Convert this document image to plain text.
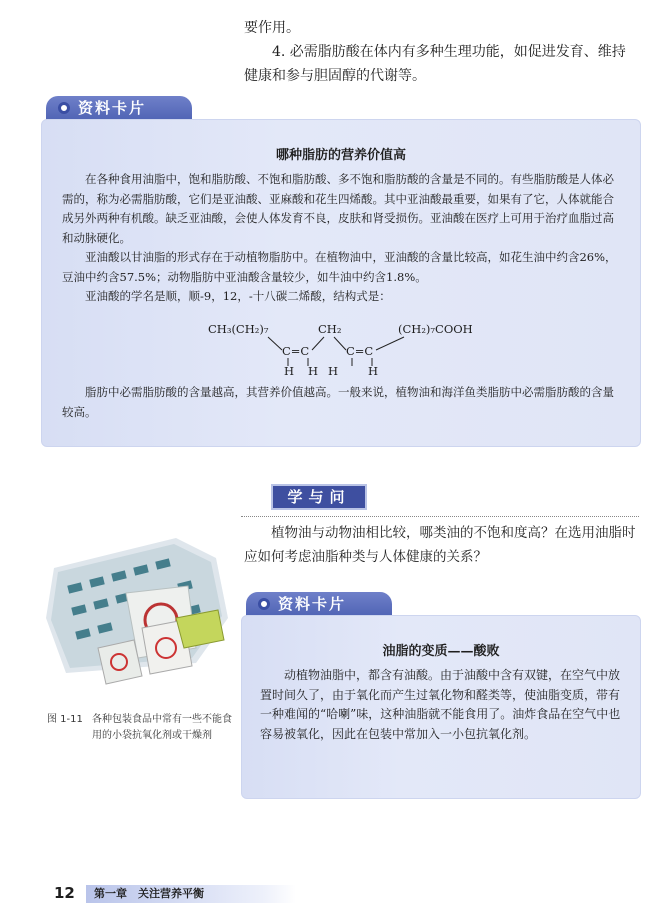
要作用。

4. 必需脂肪酸在体内有多种生理功能，如促进发育、维持健康和参与胆固醇的代谢等。

资料卡片
哪种脂肪的营养价值高

在各种食用油脂中，饱和脂肪酸、不饱和脂肪酸、多不饱和脂肪酸的含量是不同的。有些脂肪酸是人体必需的，称为必需脂肪酸，它们是亚油酸、亚麻酸和花生四烯酸。其中亚油酸最重要，如果有了它，人体就能合成另外两种有机酸。缺乏亚油酸，会使人体发育不良，皮肤和肾受损伤。亚油酸在医疗上可用于治疗血脂过高和动脉硬化。

亚油酸以甘油脂的形式存在于动植物脂肪中。在植物油中，亚油酸的含量比较高，如花生油中约含26%，豆油中约含57.5%；动物脂肪中亚油酸含量较少，如牛油中约含1.8%。

亚油酸的学名是顺，顺-9，12，-十八碳二烯酸，结构式是：

CH₃(CH₂)₇	CH₂	(CH₂)₇COOH
C=C	C=C
H HH H

脂肪中必需脂肪酸的含量越高，其营养价值越高。一般来说，植物油和海洋鱼类脂肪中必需脂肪酸的含量较高。

学与问

植物油与动物油相比较，哪类油的不饱和度高？在选用油脂时应如何考虑油脂种类与人体健康的关系？

图 1-11 各种包装食品中常有一些不能食用的小袋抗氧化剂或干燥剂
资料卡片
油脂的变质——酸败

动植物油脂中，都含有油酸。由于油酸中含有双键，在空气中放置时间久了，由于氧化而产生过氧化物和醛类等，使油脂变质，带有一种难闻的“哈喇”味，这种油脂就不能食用了。油炸食品在空气中也容易被氧化，因此在包装中常加入一小包抗氧化剂。

12	第一章　关注营养平衡
